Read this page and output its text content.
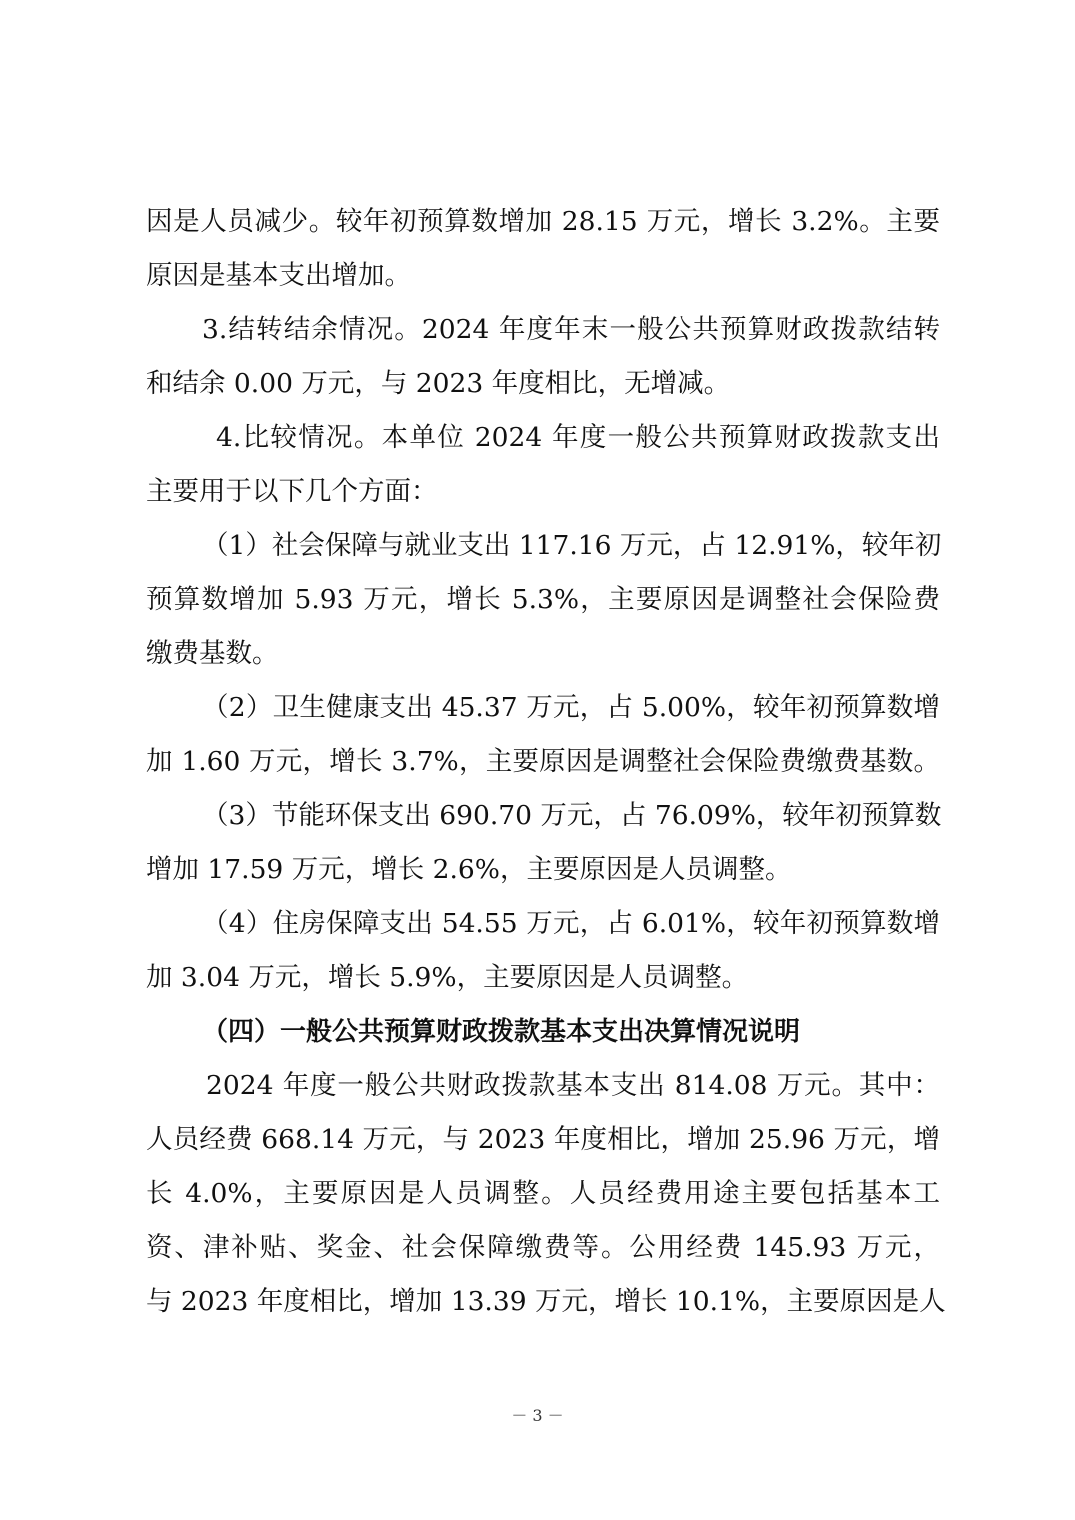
因是人员减少。较年初预算数增加 28.15 万元，增长 3.2%。主要
原因是基本支出增加。
3.结转结余情况。2024 年度年末一般公共预算财政拨款结转
和结余 0.00 万元，与 2023 年度相比，无增减。
4.比较情况。本单位 2024 年度一般公共预算财政拨款支出
主要用于以下几个方面：
（1）社会保障与就业支出 117.16 万元，占 12.91%，较年初
预算数增加 5.93 万元，增长 5.3%，主要原因是调整社会保险费
缴费基数。
（2）卫生健康支出 45.37 万元，占 5.00%，较年初预算数增
加 1.60 万元，增长 3.7%，主要原因是调整社会保险费缴费基数。
（3）节能环保支出 690.70 万元，占 76.09%，较年初预算数
增加 17.59 万元，增长 2.6%，主要原因是人员调整。
（4）住房保障支出 54.55 万元，占 6.01%，较年初预算数增
加 3.04 万元，增长 5.9%，主要原因是人员调整。
（四）一般公共预算财政拨款基本支出决算情况说明
2024 年度一般公共财政拨款基本支出 814.08 万元。其中：
人员经费 668.14 万元，与 2023 年度相比，增加 25.96 万元，增
长 4.0%，主要原因是人员调整。人员经费用途主要包括基本工
资、津补贴、奖金、社会保障缴费等。公用经费 145.93 万元，
与 2023 年度相比，增加 13.39 万元，增长 10.1%，主要原因是人
－ 3 －
